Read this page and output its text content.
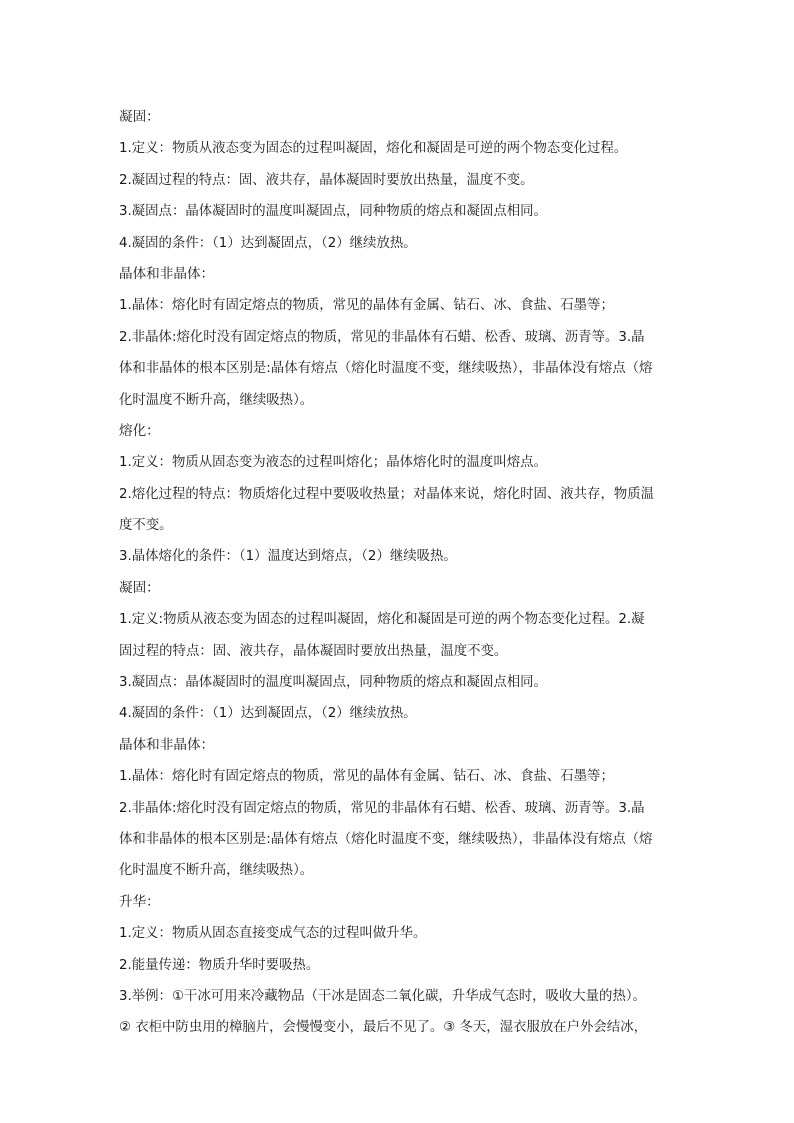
凝固：
1.定义：物质从液态变为固态的过程叫凝固，熔化和凝固是可逆的两个物态变化过程。
2.凝固过程的特点：固、液共存，晶体凝固时要放出热量，温度不变。
3.凝固点：晶体凝固时的温度叫凝固点，同种物质的熔点和凝固点相同。
4.凝固的条件：（1）达到凝固点，（2）继续放热。
晶体和非晶体：
1.晶体：熔化时有固定熔点的物质，常见的晶体有金属、钻石、冰、食盐、石墨等；
2.非晶体:熔化时没有固定熔点的物质，常见的非晶体有石蜡、松香、玻璃、沥青等。3.晶
体和非晶体的根本区别是:晶体有熔点（熔化时温度不变，继续吸热），非晶体没有熔点（熔
化时温度不断升高，继续吸热）。
熔化：
1.定义：物质从固态变为液态的过程叫熔化；晶体熔化时的温度叫熔点。
2.熔化过程的特点：物质熔化过程中要吸收热量；对晶体来说，熔化时固、液共存，物质温
度不变。
3.晶体熔化的条件：（1）温度达到熔点，（2）继续吸热。
凝固：
1.定义:物质从液态变为固态的过程叫凝固，熔化和凝固是可逆的两个物态变化过程。2.凝
固过程的特点：固、液共存，晶体凝固时要放出热量，温度不变。
3.凝固点：晶体凝固时的温度叫凝固点，同种物质的熔点和凝固点相同。
4.凝固的条件：（1）达到凝固点，（2）继续放热。
晶体和非晶体：
1.晶体：熔化时有固定熔点的物质，常见的晶体有金属、钻石、冰、食盐、石墨等；
2.非晶体:熔化时没有固定熔点的物质，常见的非晶体有石蜡、松香、玻璃、沥青等。3.晶
体和非晶体的根本区别是:晶体有熔点（熔化时温度不变，继续吸热），非晶体没有熔点（熔
化时温度不断升高，继续吸热）。
升华：
1.定义：物质从固态直接变成气态的过程叫做升华。
2.能量传递：物质升华时要吸热。
3.举例：①干冰可用来冷藏物品（干冰是固态二氧化碳，升华成气态时，吸收大量的热）。
② 衣柜中防虫用的樟脑片，会慢慢变小，最后不见了。③ 冬天，湿衣服放在户外会结冰，
